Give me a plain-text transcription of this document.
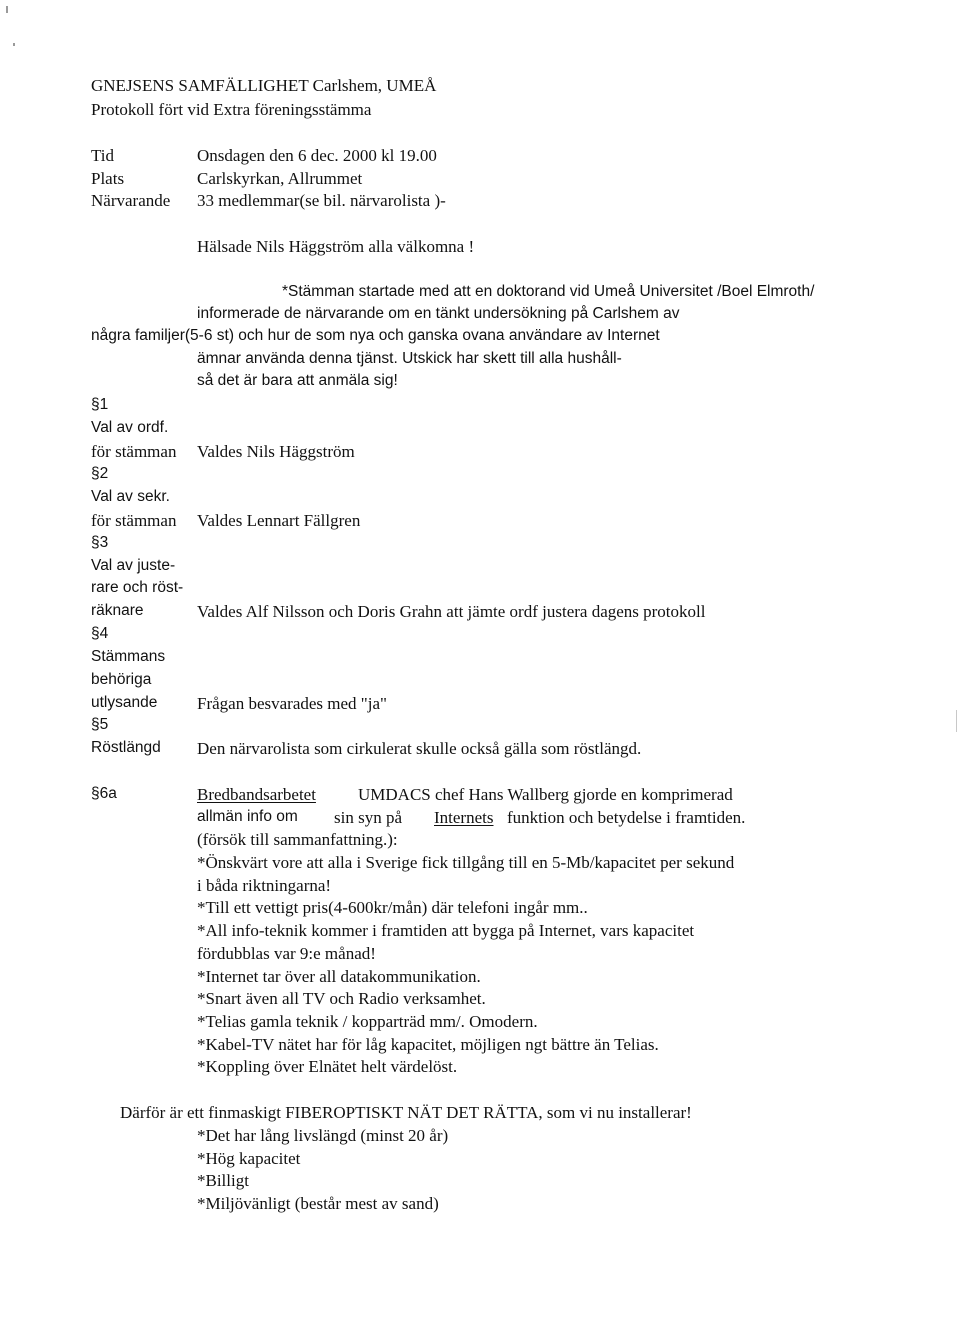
GNEJSENS SAMFÄLLIGHET Carlshem, UMEÅ
Protokoll fört vid Extra föreningsstämma
Tid	Onsdagen den 6 dec. 2000 kl 19.00
Plats	Carlskyrkan, Allrummet
Närvarande 33 medlemmar(se bil. närvarolista )-
Hälsade Nils Häggström alla välkomna !
*Stämman startade med att en doktorand vid Umeå Universitet /Boel Elmroth/
informerade de närvarande om en tänkt undersökning på Carlshem av
några familjer(5-6 st) och hur de som nya och ganska ovana användare av Internet
ämnar använda denna tjänst. Utskick har skett till alla hushåll-
så det är bara att anmäla sig!
§1
Val av ordf.
för stämman Valdes Nils Häggström
§2
Val av sekr.
för stämman Valdes Lennart Fällgren
§3
Val av juste-
rare och röst-
räknare	Valdes Alf Nilsson och Doris Grahn att jämte ordf justera dagens protokoll
§4
Stämmans
behöriga
utlysande Frågan besvarades med "ja"
§5
Röstlängd Den närvarolista som cirkulerat skulle också gälla som röstlängd.
§6a	Bredbandsarbetet UMDACS chef Hans Wallberg gjorde en komprimerad
allmän info om sin syn på Internets funktion och betydelse i framtiden.
(försök till sammanfattning.):
*Önskvärt vore att alla i Sverige fick tillgång till en 5-Mb/kapacitet per sekund
i båda riktningarna!
*Till ett vettigt pris(4-600kr/mån) där telefoni ingår mm..
*All info-teknik kommer i framtiden att bygga på Internet, vars kapacitet
fördubblas var 9:e månad!
*Internet tar över all datakommunikation.
*Snart även all TV och Radio verksamhet.
*Telias gamla teknik / kopparträd mm/. Omodern.
*Kabel-TV nätet har för låg kapacitet, möjligen ngt bättre än Telias.
*Koppling över Elnätet helt värdelöst.
Därför är ett finmaskigt FIBEROPTISKT NÄT DET RÄTTA, som vi nu installerar!
*Det har lång livslängd (minst 20 år)
*Hög kapacitet
*Billigt
*Miljövänligt (består mest av sand)
